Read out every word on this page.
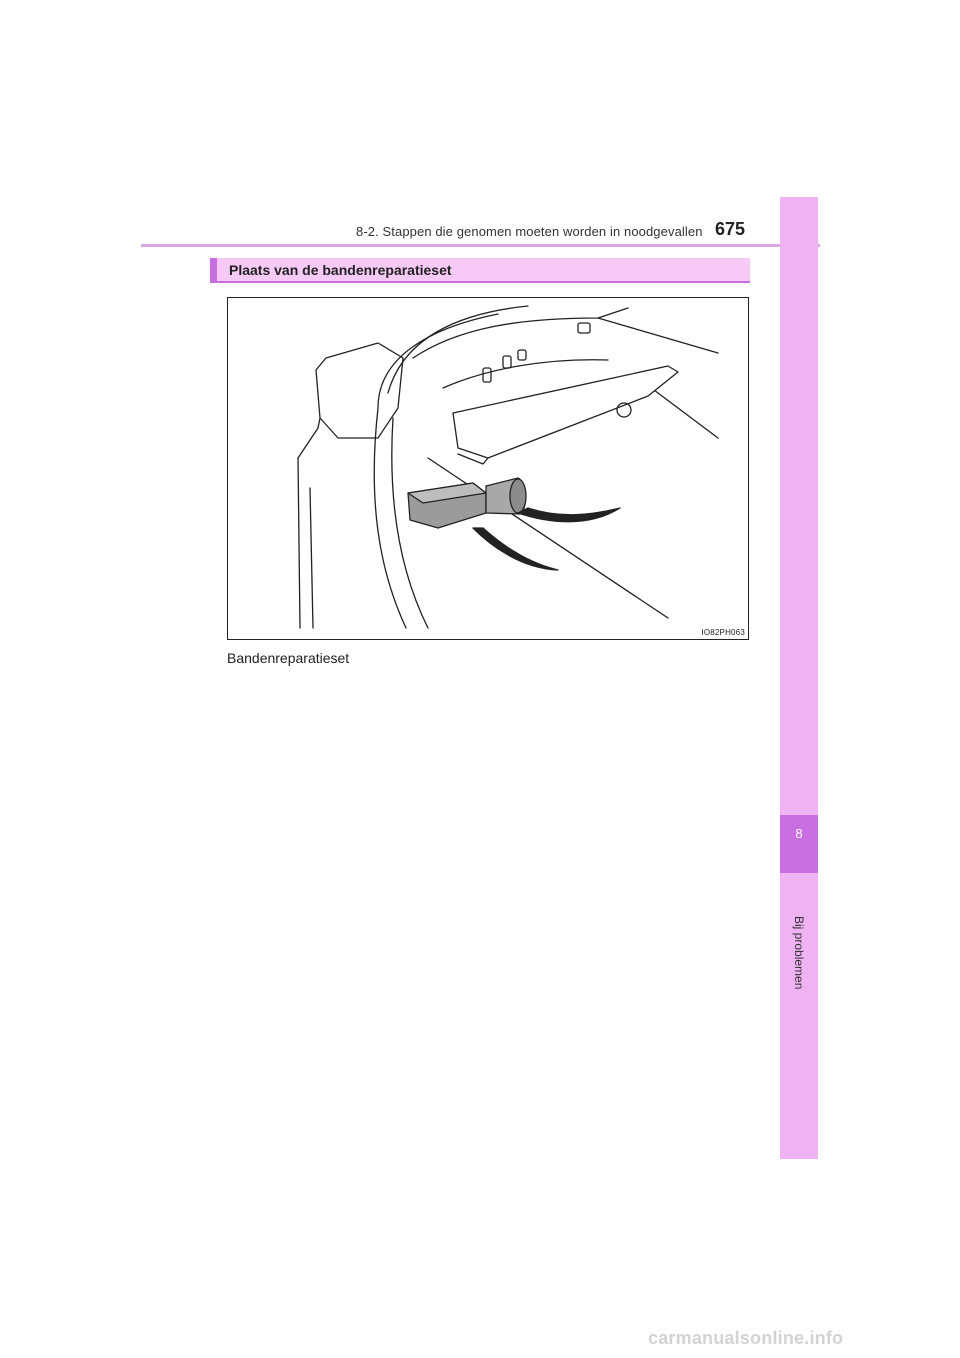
8-2. Stappen die genomen moeten worden in noodgevallen 675
8
Bij problemen
Plaats van de bandenreparatieset
IO82PH063
Bandenreparatieset
carmanualsonline.info
